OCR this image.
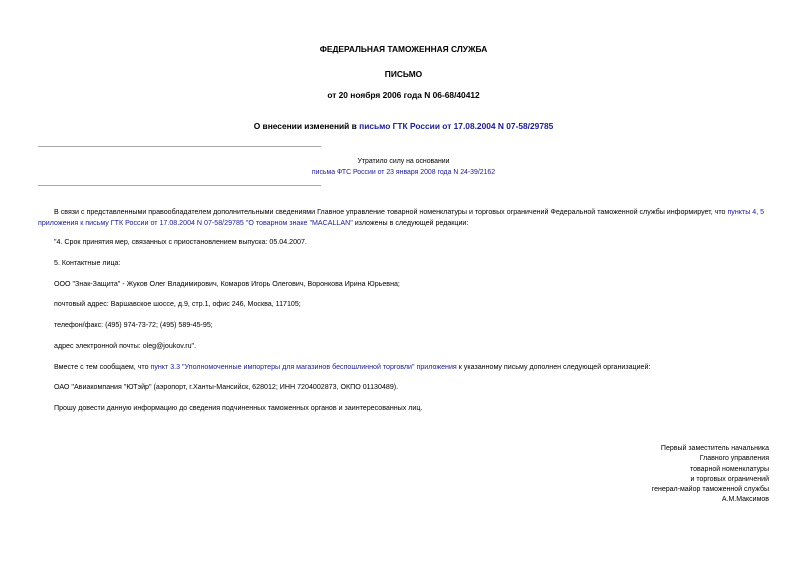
ФЕДЕРАЛЬНАЯ ТАМОЖЕННАЯ СЛУЖБА
ПИСЬМО
от 20 ноября 2006 года N 06-68/40412
О внесении изменений в письмо ГТК России от 17.08.2004 N 07-58/29785
Утратило силу на основании
письма ФТС России от 23 января 2008 года N 24-39/2162
В связи с представленными правообладателем дополнительными сведениями Главное управление товарной номенклатуры и торговых ограничений Федеральной таможенной службы информирует, что пункты 4, 5 приложения к письму ГТК России от 17.08.2004 N 07-58/29785 "О товарном знаке "MACALLAN" изложены в следующей редакции:
"4. Срок принятия мер, связанных с приостановлением выпуска: 05.04.2007.
5. Контактные лица:
ООО "Знак-Защита" - Жуков Олег Владимирович, Комаров Игорь Олегович, Воронкова Ирина Юрьевна;
почтовый адрес: Варшавское шоссе, д.9, стр.1, офис 246, Москва, 117105;
телефон/факс: (495) 974-73-72; (495) 589-45-95;
адрес электронной почты: oleg@joukov.ru".
Вместе с тем сообщаем, что пункт 3.3 "Уполномоченные импортеры для магазинов беспошлинной торговли" приложения к указанному письму дополнен следующей организацией:
ОАО "Авиакомпания "ЮТэйр" (аэропорт, г.Ханты-Мансийск, 628012; ИНН 7204002873, ОКПО 01130489).
Прошу довести данную информацию до сведения подчиненных таможенных органов и заинтересованных лиц.
Первый заместитель начальника
Главного управления
товарной номенклатуры
и торговых ограничений
генерал-майор таможенной службы
А.М.Максимов
